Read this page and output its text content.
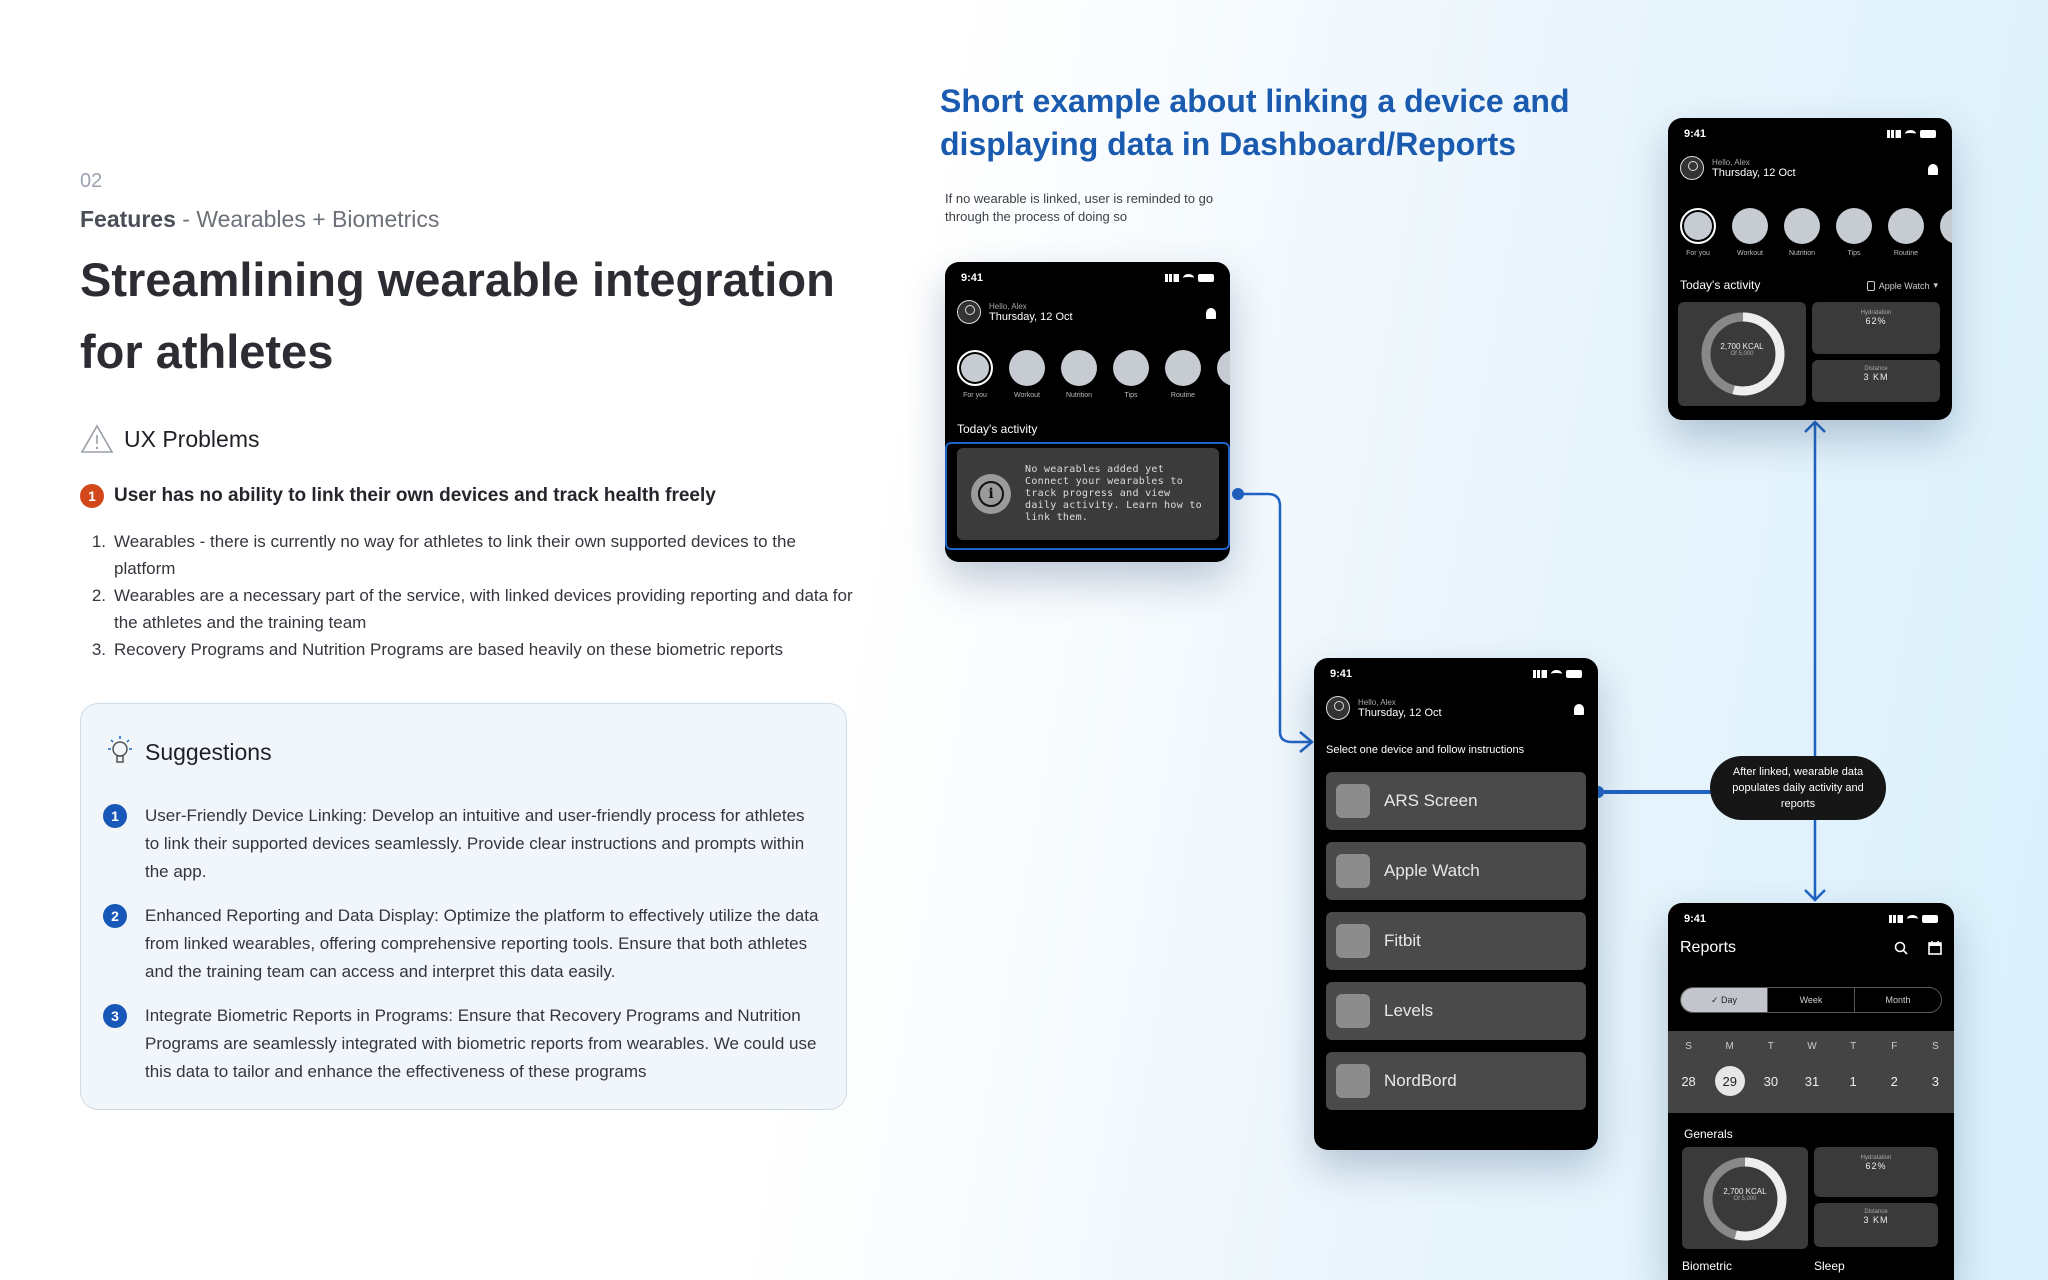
02
Features - Wearables + Biometrics
Streamlining wearable integration for athletes
UX Problems
1 User has no ability to link their own devices and track health freely
1. Wearables - there is currently no way for athletes to link their own supported devices to the platform
2. Wearables are a necessary part of the service, with linked devices providing reporting and data for the athletes and the training team
3. Recovery Programs and Nutrition Programs are based heavily on these biometric reports
Suggestions
1	User-Friendly Device Linking: Develop an intuitive and user-friendly process for athletes to link their supported devices seamlessly. Provide clear instructions and prompts within the app.

2	Enhanced Reporting and Data Display: Optimize the platform to effectively utilize the data from linked wearables, offering comprehensive reporting tools. Ensure that both athletes and the training team can access and interpret this data easily.

3	Integrate Biometric Reports in Programs: Ensure that Recovery Programs and Nutrition Programs are seamlessly integrated with biometric reports from wearables. We could use this data to tailor and enhance the effectiveness of these programs

Short example about linking a device and displaying data in Dashboard/Reports
If no wearable is linked, user is reminded to go through the process of doing so
After linked, wearable data populates daily activity and reports
9:41
Hello, Alex
Thursday, 12 Oct
For you	Workout	Nutrition	Tips	Routine
Today's activity
i
No wearables added yet
Connect your wearables to track progress and view daily activity. Learn how to link them.
9:41
Hello, Alex
Thursday, 12 Oct
Select one device and follow instructions
ARS Screen
Apple Watch
Fitbit
Levels
NordBord
9:41
Hello, Alex
Thursday, 12 Oct
For you	Workout	Nutrition	Tips	Routine
Today's activity	Apple Watch ▾
2,700 KCAL
Of 5,000
Hydratation
62%
Distance
3 KM
9:41
Reports
✓ Day	Week	Month
S	M	T	W	T	F	S
28	29	30	31	1	2	3
Generals
2,700 KCAL
Of 5,000
Hydratation
62%
Distance
3 KM
Biometric	Sleep
